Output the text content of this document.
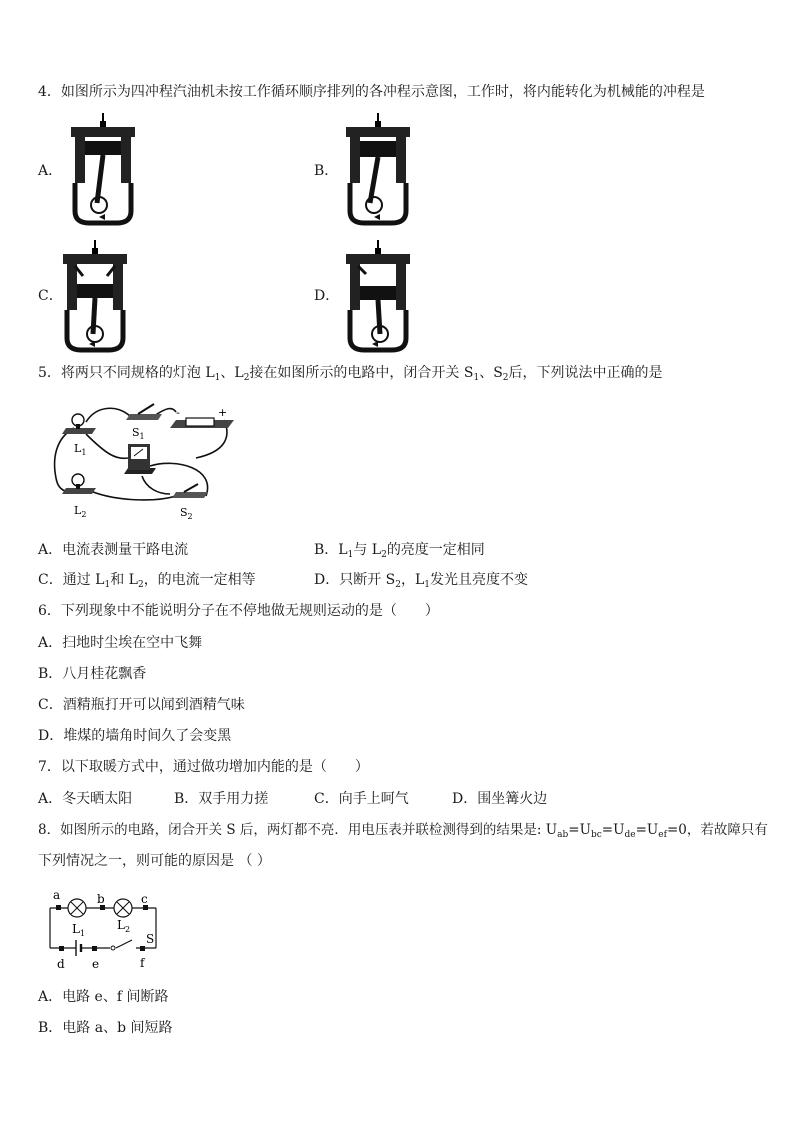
4．如图所示为四冲程汽油机未按工作循环顺序排列的各冲程示意图，工作时，将内能转化为机械能的冲程是
A．	B．
C．	D．
5．将两只不同规格的灯泡 $L_1$、$L_2$接在如图所示的电路中，闭合开关 $S_1$、$S_2$后，下列说法中正确的是
$L_1$
$L_2$
$S_1$
-	+
$S_2$
A．电流表测量干路电流	B．$L_1$与 $L_2$的亮度一定相同
C．通过 $L_1$和 $L_2$，的电流一定相等	D．只断开 $S_2$，$L_1$发光且亮度不变
6．下列现象中不能说明分子在不停地做无规则运动的是（　　）
A．扫地时尘埃在空中飞舞
B．八月桂花飘香
C．酒精瓶打开可以闻到酒精气味
D．堆煤的墙角时间久了会变黑
7．以下取暖方式中，通过做功增加内能的是（　　）
A．冬天晒太阳	B．双手用力搓	C．向手上呵气	D．围坐篝火边
8．如图所示的电路，闭合开关 S 后，两灯都不亮．用电压表并联检测得到的结果是: $U_{ab}=U_{bc}=U_{de}=U_{ef}=0$，若故障只有
下列情况之一，则可能的原因是 （ ）
a	b	c
d e	f
$L_1$
$L_2$
S
A．电路 e、f 间断路
B．电路 a、b 间短路
